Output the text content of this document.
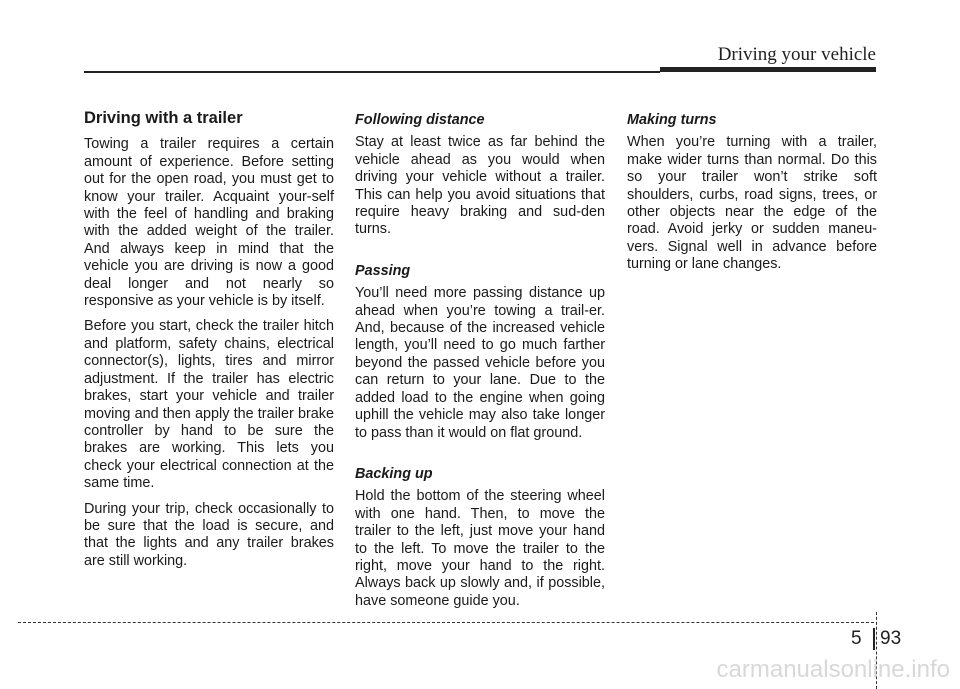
Driving your vehicle
Driving with a trailer

Towing a trailer requires a certain amount of experience. Before setting out for the open road, you must get to know your trailer. Acquaint your-self with the feel of handling and braking with the added weight of the trailer. And always keep in mind that the vehicle you are driving is now a good deal longer and not nearly so responsive as your vehicle is by itself.

Before you start, check the trailer hitch and platform, safety chains, electrical connector(s), lights, tires and mirror adjustment. If the trailer has electric brakes, start your vehicle and trailer moving and then apply the trailer brake controller by hand to be sure the brakes are working. This lets you check your electrical connection at the same time.

During your trip, check occasionally to be sure that the load is secure, and that the lights and any trailer brakes are still working.

Following distance

Stay at least twice as far behind the vehicle ahead as you would when driving your vehicle without a trailer. This can help you avoid situations that require heavy braking and sud-den turns.

Passing

You’ll need more passing distance up ahead when you’re towing a trail-er. And, because of the increased vehicle length, you’ll need to go much farther beyond the passed vehicle before you can return to your lane. Due to the added load to the engine when going uphill the vehicle may also take longer to pass than it would on flat ground.

Backing up

Hold the bottom of the steering wheel with one hand. Then, to move the trailer to the left, just move your hand to the left. To move the trailer to the right, move your hand to the right. Always back up slowly and, if possible, have someone guide you.

Making turns

When you’re turning with a trailer, make wider turns than normal. Do this so your trailer won’t strike soft shoulders, curbs, road signs, trees, or other objects near the edge of the road. Avoid jerky or sudden maneu-vers. Signal well in advance before turning or lane changes.

5 93
carmanualsonline.info
